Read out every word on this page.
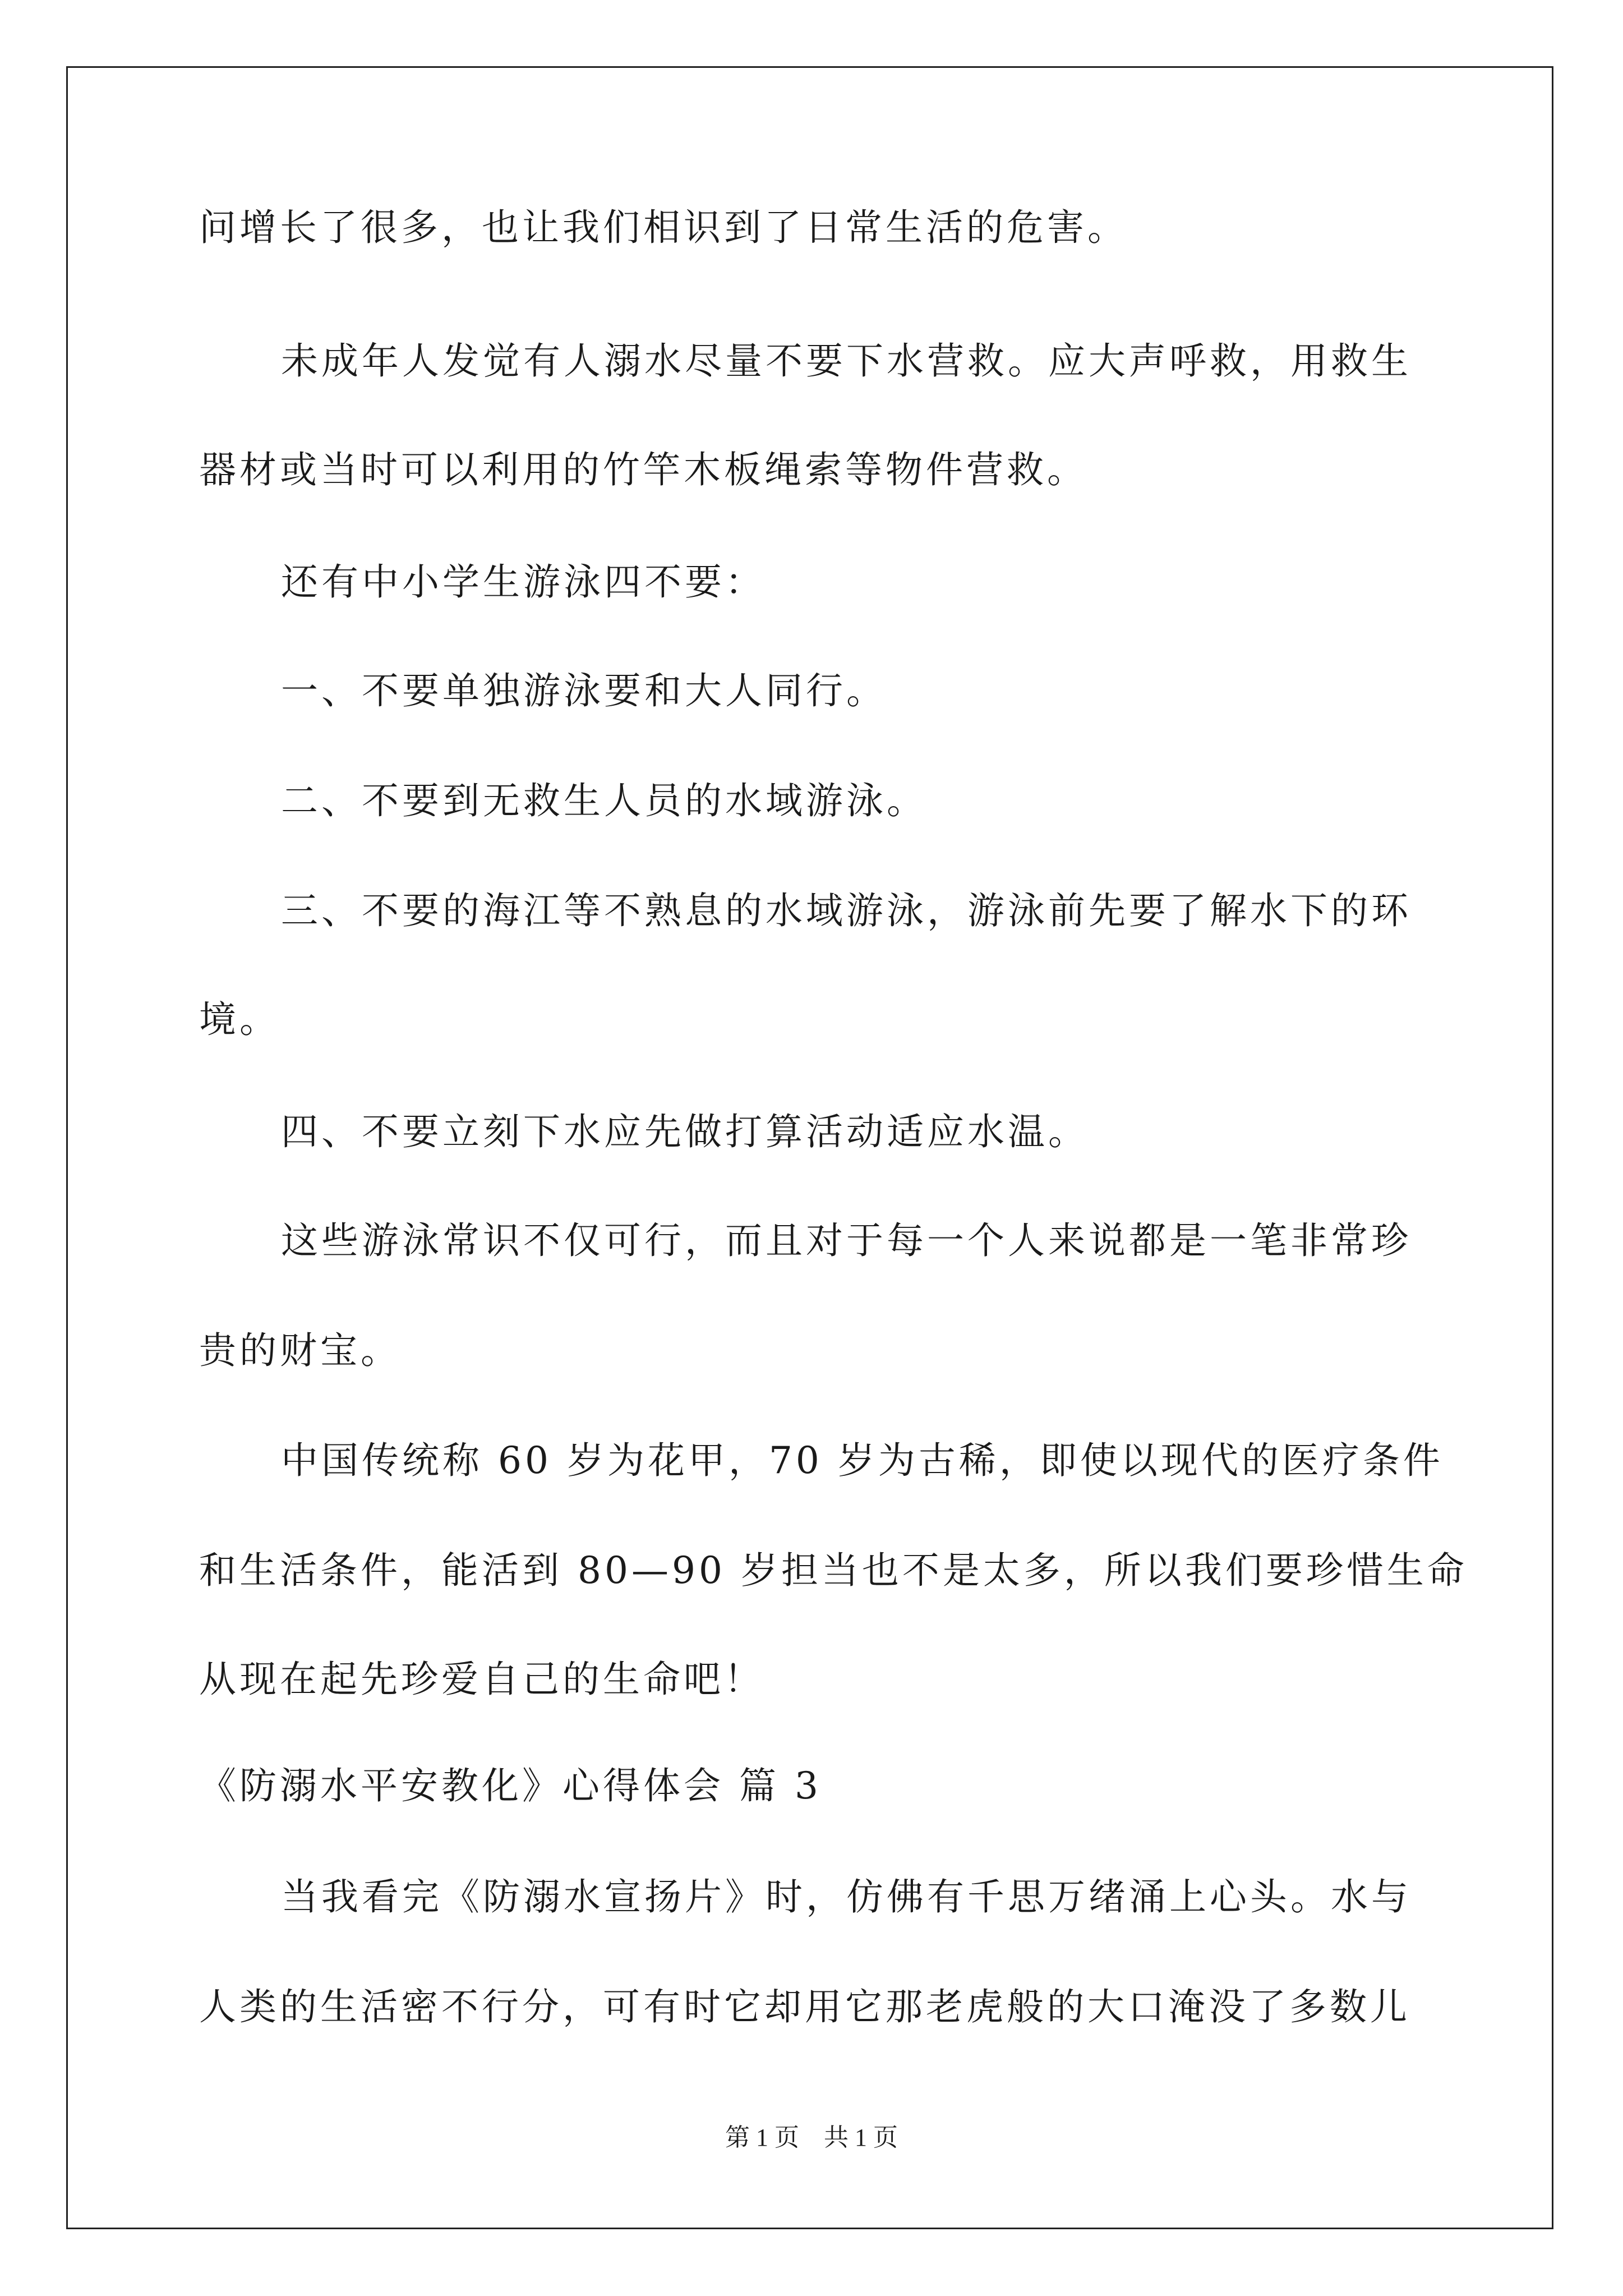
问增长了很多，也让我们相识到了日常生活的危害。
未成年人发觉有人溺水尽量不要下水营救。应大声呼救，用救生
器材或当时可以利用的竹竿木板绳索等物件营救。
还有中小学生游泳四不要：
一、不要单独游泳要和大人同行。
二、不要到无救生人员的水域游泳。
三、不要的海江等不熟息的水域游泳，游泳前先要了解水下的环
境。
四、不要立刻下水应先做打算活动适应水温。
这些游泳常识不仅可行，而且对于每一个人来说都是一笔非常珍
贵的财宝。
中国传统称 60 岁为花甲，70 岁为古稀，即使以现代的医疗条件
和生活条件，能活到 80—90 岁担当也不是太多，所以我们要珍惜生命
从现在起先珍爱自己的生命吧！
《防溺水平安教化》心得体会 篇 3
当我看完《防溺水宣扬片》时，仿佛有千思万绪涌上心头。水与
人类的生活密不行分，可有时它却用它那老虎般的大口淹没了多数儿
第 1 页    共 1 页
